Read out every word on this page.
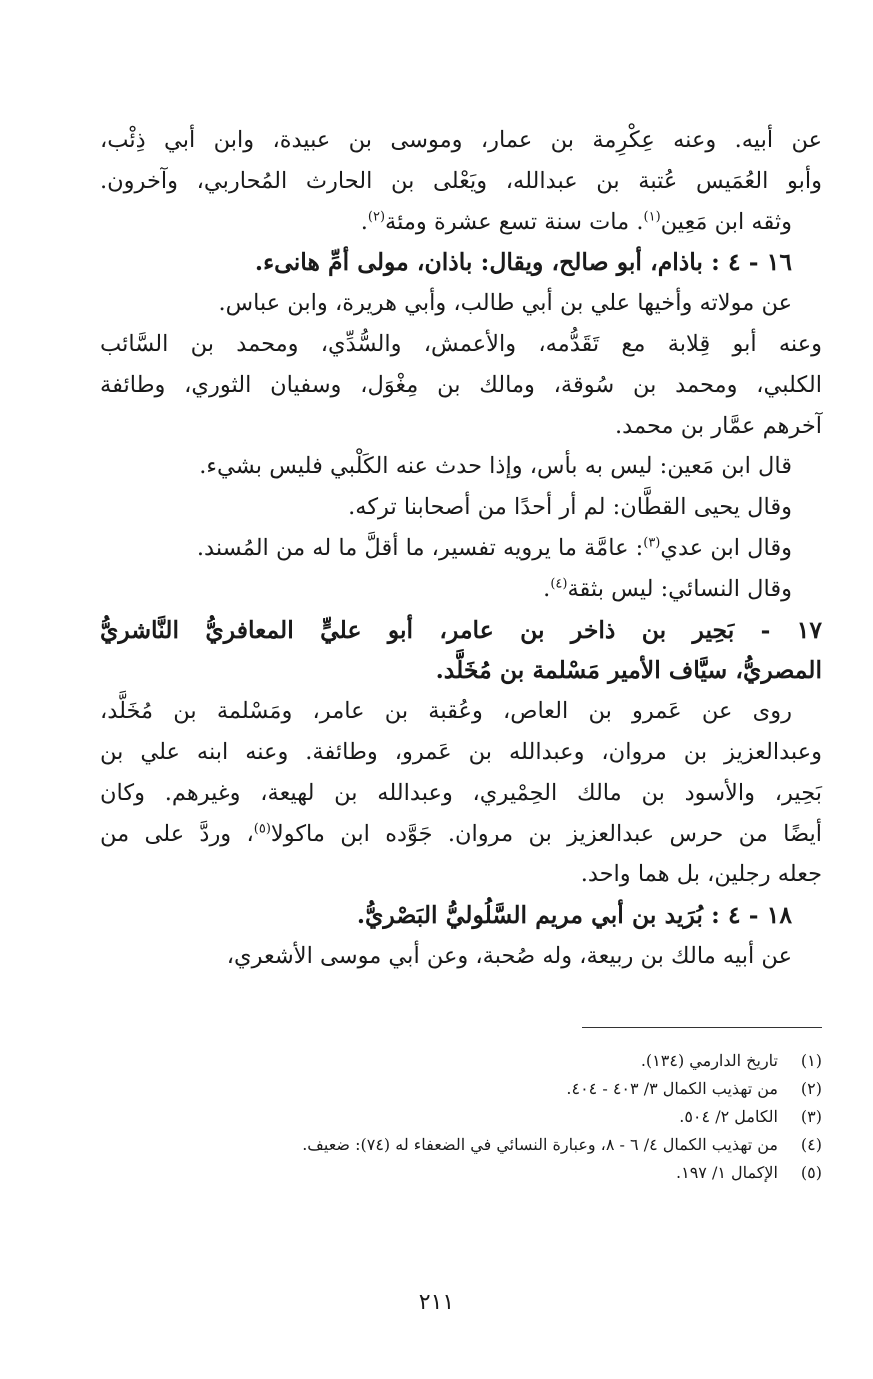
عن أبيه. وعنه عِكْرِمة بن عمار، وموسى بن عبيدة، وابن أبي ذِئْب،
وأبو العُمَيس عُتبة بن عبدالله، ويَعْلى بن الحارث المُحاربي، وآخرون.
وثقه ابن مَعِين$^{(١)}$. مات سنة تسع عشرة ومئة$^{(٢)}$.
١٦ - ٤ : باذام، أبو صالح، ويقال: باذان، مولى أمِّ هانىء.
عن مولاته وأخيها علي بن أبي طالب، وأبي هريرة، وابن عباس.
وعنه أبو قِلابة مع تَقَدُّمه، والأعمش، والسُّدِّي، ومحمد بن السَّائب
الكلبي، ومحمد بن سُوقة، ومالك بن مِغْوَل، وسفيان الثوري، وطائفة
آخرهم عمَّار بن محمد.
قال ابن مَعين: ليس به بأس، وإذا حدث عنه الكَلْبي فليس بشيء.
وقال يحيى القطَّان: لم أر أحدًا من أصحابنا تركه.
وقال ابن عدي$^{(٣)}$: عامَّة ما يرويه تفسير، ما أقلَّ ما له من المُسند.
وقال النسائي: ليس بثقة$^{(٤)}$.
١٧ - بَحِير بن ذاخر بن عامر، أبو عليٍّ المعافريُّ النَّاشريُّ
المصريُّ، سيَّاف الأمير مَسْلمة بن مُخَلَّد.
روى عن عَمرو بن العاص، وعُقبة بن عامر، ومَسْلمة بن مُخَلَّد،
وعبدالعزيز بن مروان، وعبدالله بن عَمرو، وطائفة. وعنه ابنه علي بن
بَحِير، والأسود بن مالك الحِمْيري، وعبدالله بن لهيعة، وغيرهم. وكان
أيضًا من حرس عبدالعزيز بن مروان. جَوَّده ابن ماكولا$^{(٥)}$، وردَّ على من
جعله رجلين، بل هما واحد.
١٨ - ٤ : بُرَيد بن أبي مريم السَّلُوليُّ البَصْريُّ.
عن أبيه مالك بن ربيعة، وله صُحبة، وعن أبي موسى الأشعري،
(١)تاريخ الدارمي (١٣٤).
(٢)من تهذيب الكمال ٣/ ٤٠٣ - ٤٠٤.
(٣)الكامل ٢/ ٥٠٤.
(٤)من تهذيب الكمال ٤/ ٦ - ٨، وعبارة النسائي في الضعفاء له (٧٤): ضعيف.
(٥)الإكمال ١/ ١٩٧.
٢١١
